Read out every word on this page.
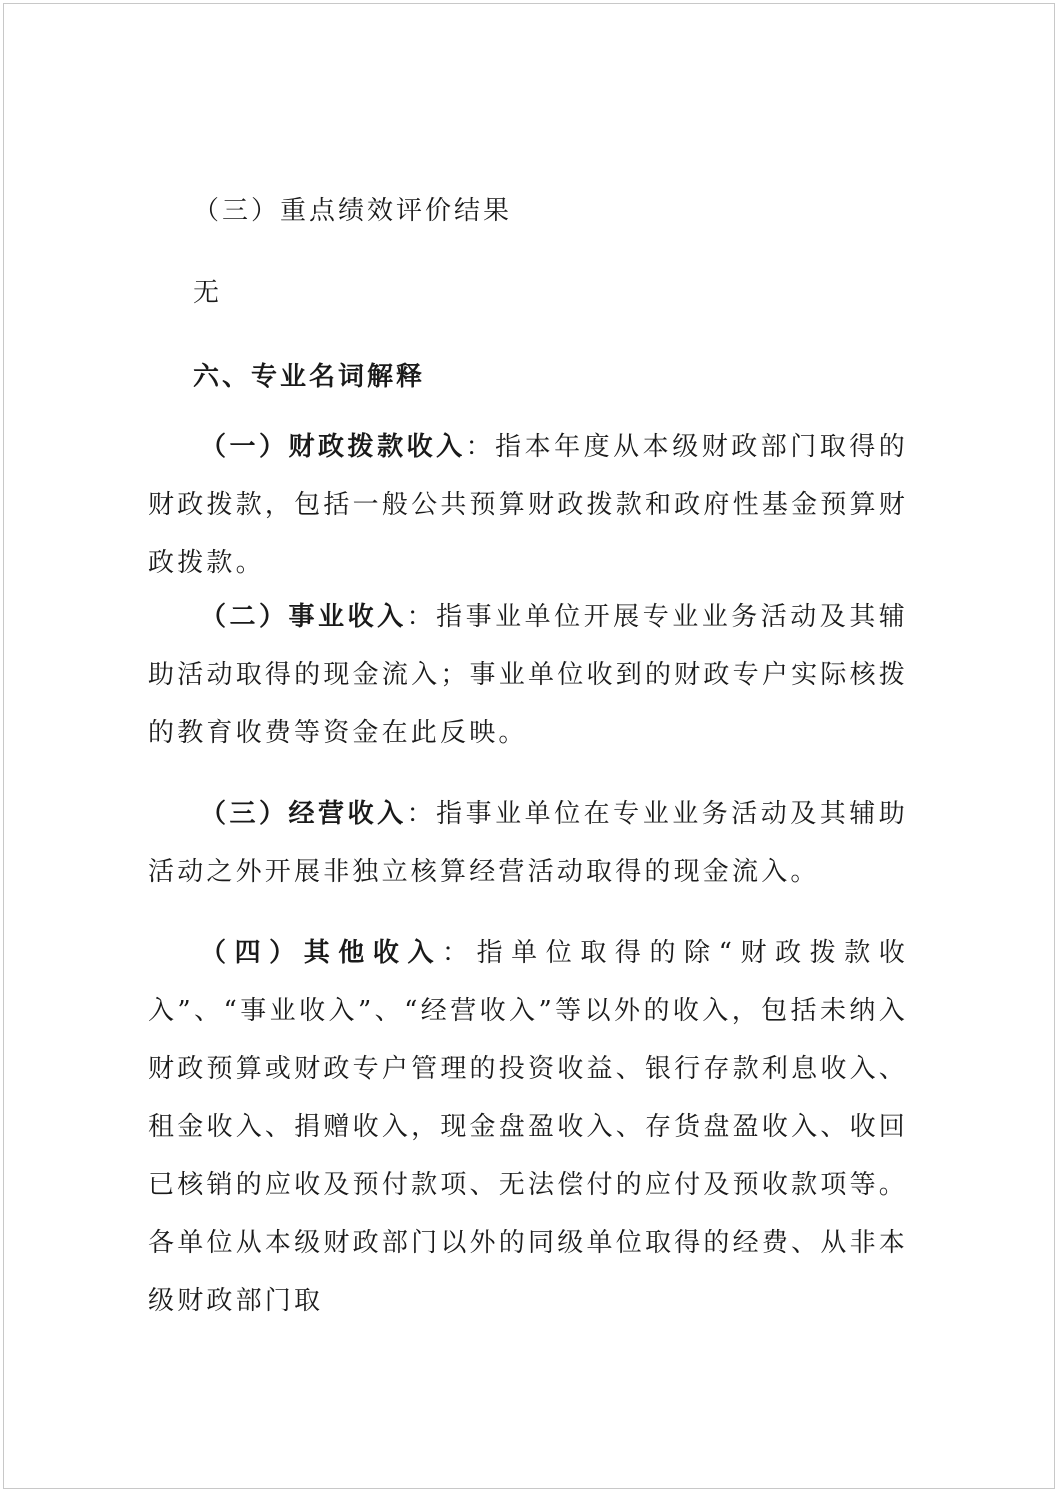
（三）重点绩效评价结果
无
六、专业名词解释
（一）财政拨款收入：指本年度从本级财政部门取得的财政拨款，包括一般公共预算财政拨款和政府性基金预算财政拨款。
（二）事业收入：指事业单位开展专业业务活动及其辅助活动取得的现金流入；事业单位收到的财政专户实际核拨的教育收费等资金在此反映。
（三）经营收入：指事业单位在专业业务活动及其辅助活动之外开展非独立核算经营活动取得的现金流入。
（四）其他收入：指单位取得的除“财政拨款收入”、“事业收入”、“经营收入”等以外的收入，包括未纳入财政预算或财政专户管理的投资收益、银行存款利息收入、租金收入、捐赠收入，现金盘盈收入、存货盘盈收入、收回已核销的应收及预付款项、无法偿付的应付及预收款项等。各单位从本级财政部门以外的同级单位取得的经费、从非本级财政部门取
